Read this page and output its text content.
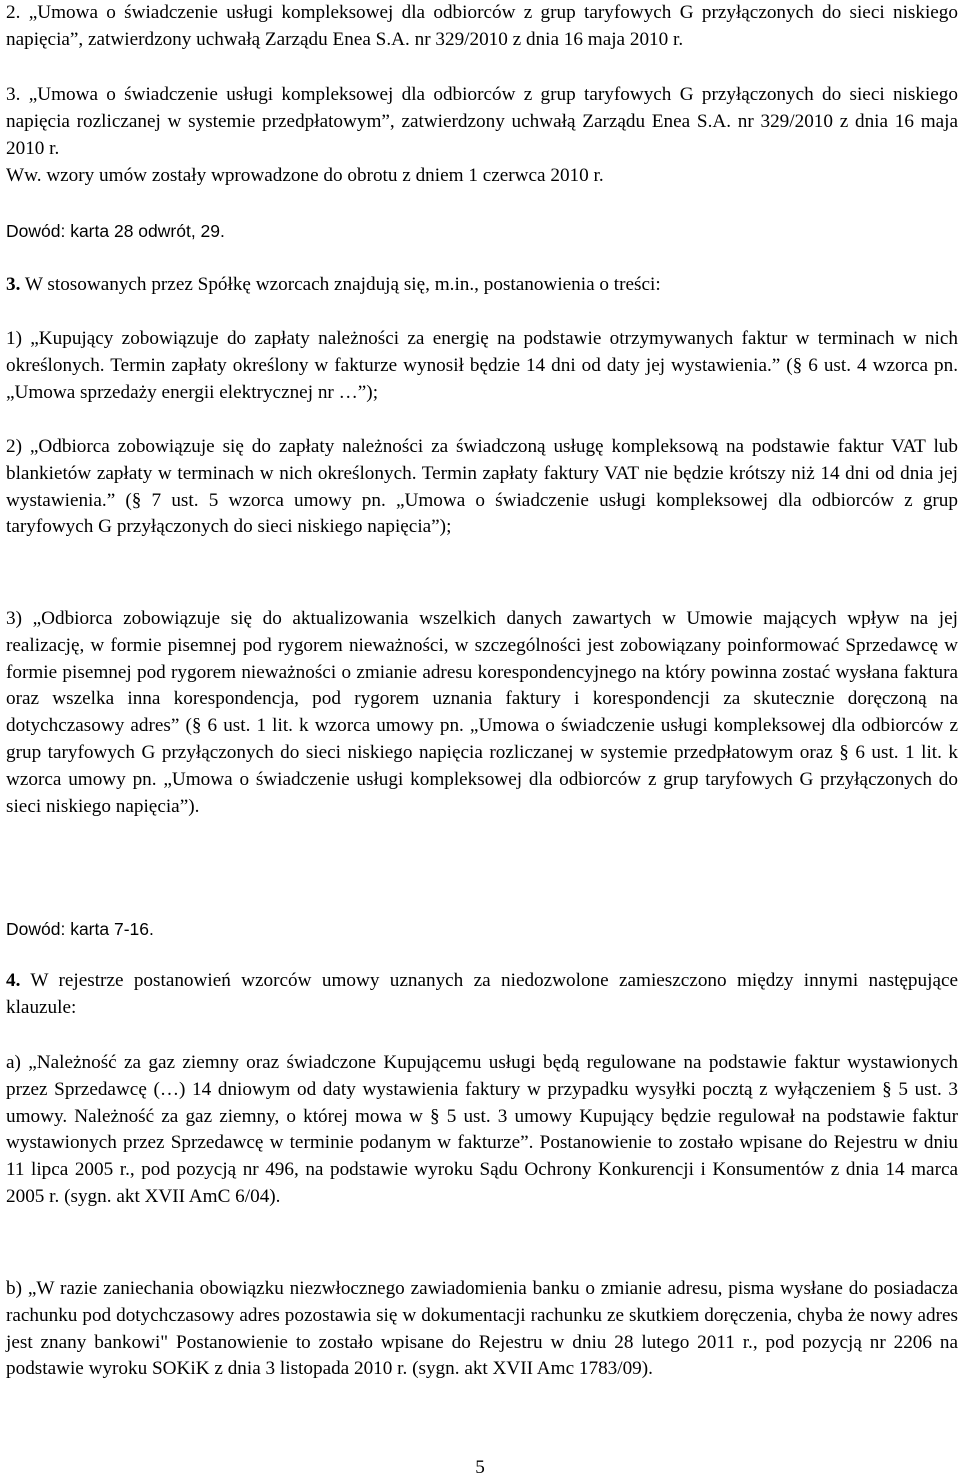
2. „Umowa o świadczenie usługi kompleksowej dla odbiorców z grup taryfowych G przyłączonych do sieci niskiego napięcia”, zatwierdzony uchwałą Zarządu Enea S.A. nr 329/2010 z dnia 16 maja 2010 r.

3. „Umowa o świadczenie usługi kompleksowej dla odbiorców z grup taryfowych G przyłączonych do sieci niskiego napięcia rozliczanej w systemie przedpłatowym”, zatwierdzony uchwałą Zarządu Enea S.A. nr 329/2010 z dnia 16 maja 2010 r.

Ww. wzory umów zostały wprowadzone do obrotu z dniem 1 czerwca 2010 r.

Dowód: karta 28 odwrót, 29.

3. W stosowanych przez Spółkę wzorcach znajdują się, m.in., postanowienia o treści:

1) „Kupujący zobowiązuje do zapłaty należności za energię na podstawie otrzymywanych faktur w terminach w nich określonych. Termin zapłaty określony w fakturze wynosił będzie 14 dni od daty jej wystawienia.” (§ 6 ust. 4 wzorca pn. „Umowa sprzedaży energii elektrycznej nr …”);

2) „Odbiorca zobowiązuje się do zapłaty należności za świadczoną usługę kompleksową na podstawie faktur VAT lub blankietów zapłaty w terminach w nich określonych. Termin zapłaty faktury VAT nie będzie krótszy niż 14 dni od dnia jej wystawienia.” (§ 7 ust. 5 wzorca umowy pn. „Umowa o świadczenie usługi kompleksowej dla odbiorców z grup taryfowych G przyłączonych do sieci niskiego napięcia”);

3) „Odbiorca zobowiązuje się do aktualizowania wszelkich danych zawartych w Umowie mających wpływ na jej realizację, w formie pisemnej pod rygorem nieważności, w szczególności jest zobowiązany poinformować Sprzedawcę w formie pisemnej pod rygorem nieważności o zmianie adresu korespondencyjnego na który powinna zostać wysłana faktura oraz wszelka inna korespondencja, pod rygorem uznania faktury i korespondencji za skutecznie doręczoną na dotychczasowy adres” (§ 6 ust. 1 lit. k wzorca umowy pn. „Umowa o świadczenie usługi kompleksowej dla odbiorców z grup taryfowych G przyłączonych do sieci niskiego napięcia rozliczanej w systemie przedpłatowym oraz § 6 ust. 1 lit. k wzorca umowy pn. „Umowa o świadczenie usługi kompleksowej dla odbiorców z grup taryfowych G przyłączonych do sieci niskiego napięcia”).

Dowód: karta 7-16.

4. W rejestrze postanowień wzorców umowy uznanych za niedozwolone zamieszczono między innymi następujące klauzule:

a) „Należność za gaz ziemny oraz świadczone Kupującemu usługi będą regulowane na podstawie faktur wystawionych przez Sprzedawcę (…) 14 dniowym od daty wystawienia faktury w przypadku wysyłki pocztą z wyłączeniem § 5 ust. 3 umowy. Należność za gaz ziemny, o której mowa w § 5 ust. 3 umowy Kupujący będzie regulował na podstawie faktur wystawionych przez Sprzedawcę w terminie podanym w fakturze”. Postanowienie to zostało wpisane do Rejestru w dniu 11 lipca 2005 r., pod pozycją nr 496, na podstawie wyroku Sądu Ochrony Konkurencji i Konsumentów z dnia 14 marca 2005 r. (sygn. akt XVII AmC 6/04).

b) „W razie zaniechania obowiązku niezwłocznego zawiadomienia banku o zmianie adresu, pisma wysłane do posiadacza rachunku pod dotychczasowy adres pozostawia się w dokumentacji rachunku ze skutkiem doręczenia, chyba że nowy adres jest znany bankowi" Postanowienie to zostało wpisane do Rejestru w dniu 28 lutego 2011 r., pod pozycją nr 2206 na podstawie wyroku SOKiK z dnia 3 listopada 2010 r. (sygn. akt XVII Amc 1783/09).

5
